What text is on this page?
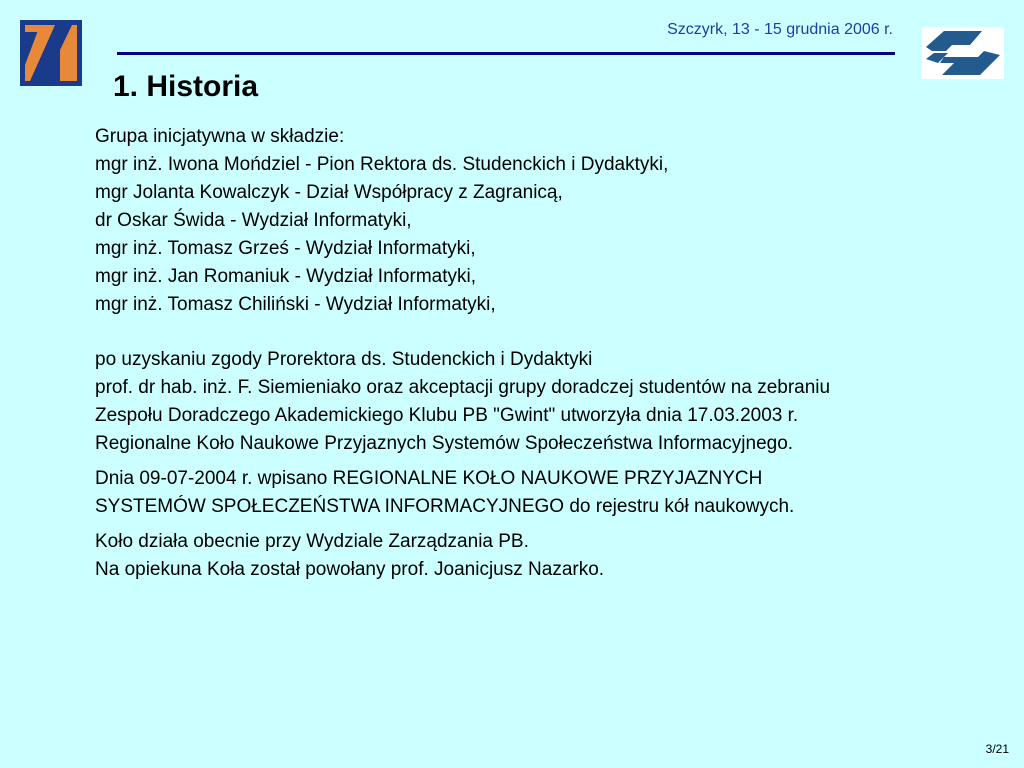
Szczyrk, 13 - 15 grudnia 2006 r.
1. Historia
Grupa inicjatywna w składzie:
mgr inż. Iwona Mońdziel - Pion Rektora ds. Studenckich i Dydaktyki,
mgr Jolanta Kowalczyk - Dział Współpracy z Zagranicą,
dr Oskar Świda - Wydział Informatyki,
mgr inż. Tomasz Grześ - Wydział Informatyki,
mgr inż. Jan Romaniuk - Wydział Informatyki,
mgr inż. Tomasz Chiliński - Wydział Informatyki,
po uzyskaniu zgody Prorektora ds. Studenckich i Dydaktyki
prof. dr hab. inż. F. Siemieniako oraz akceptacji grupy doradczej studentów na zebraniu
Zespołu Doradczego Akademickiego Klubu PB "Gwint" utworzyła dnia 17.03.2003 r.
Regionalne Koło Naukowe Przyjaznych Systemów Społeczeństwa Informacyjnego.
Dnia 09-07-2004 r. wpisano REGIONALNE KOŁO NAUKOWE PRZYJAZNYCH
SYSTEMÓW SPOŁECZEŃSTWA INFORMACYJNEGO do rejestru kół naukowych.
Koło działa obecnie przy Wydziale Zarządzania PB.
Na opiekuna Koła został powołany prof. Joanicjusz Nazarko.
3/21
